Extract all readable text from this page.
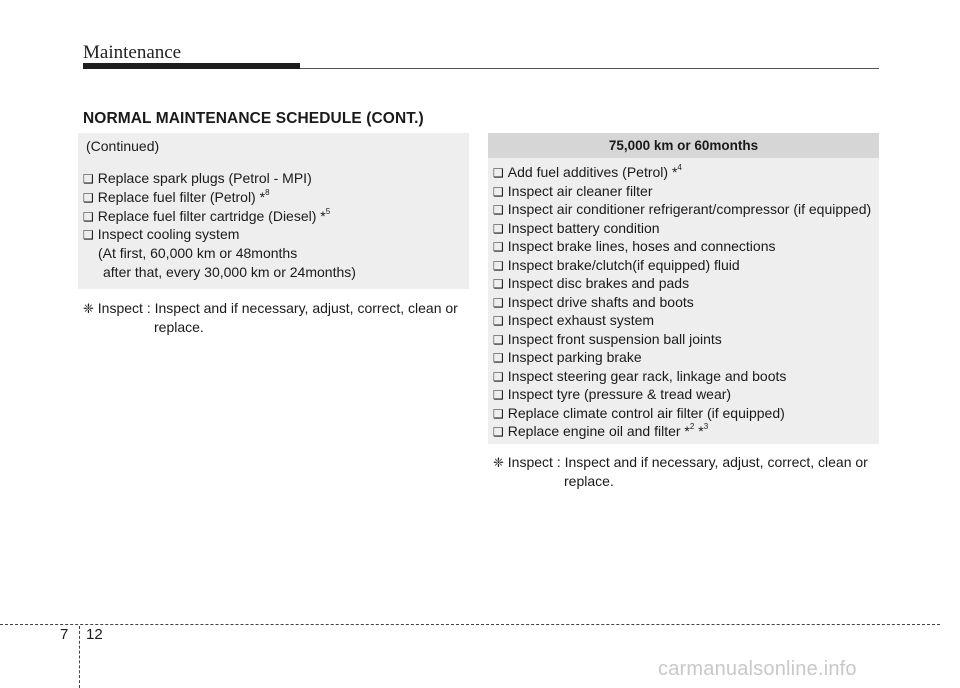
Maintenance
NORMAL MAINTENANCE SCHEDULE (CONT.)
(Continued)
❑ Replace spark plugs (Petrol - MPI)
❑ Replace fuel filter (Petrol) *$^8$
❑ Replace fuel filter cartridge (Diesel) *$^5$
❑ Inspect cooling system
(At first, 60,000 km or 48months
after that, every 30,000 km or 24months)
❈ Inspect : Inspect and if necessary, adjust, correct, clean or
replace.
75,000 km or 60months
❑ Add fuel additives (Petrol) *$^4$
❑ Inspect air cleaner filter
❑ Inspect air conditioner refrigerant/compressor (if equipped)
❑ Inspect battery condition
❑ Inspect brake lines, hoses and connections
❑ Inspect brake/clutch(if equipped) fluid
❑ Inspect disc brakes and pads
❑ Inspect drive shafts and boots
❑ Inspect exhaust system
❑ Inspect front suspension ball joints
❑ Inspect parking brake
❑ Inspect steering gear rack, linkage and boots
❑ Inspect tyre (pressure & tread wear)
❑ Replace climate control air filter (if equipped)
❑ Replace engine oil and filter *$^2$ *$^3$
❈ Inspect : Inspect and if necessary, adjust, correct, clean or
replace.
7 12
carmanualsonline.info
